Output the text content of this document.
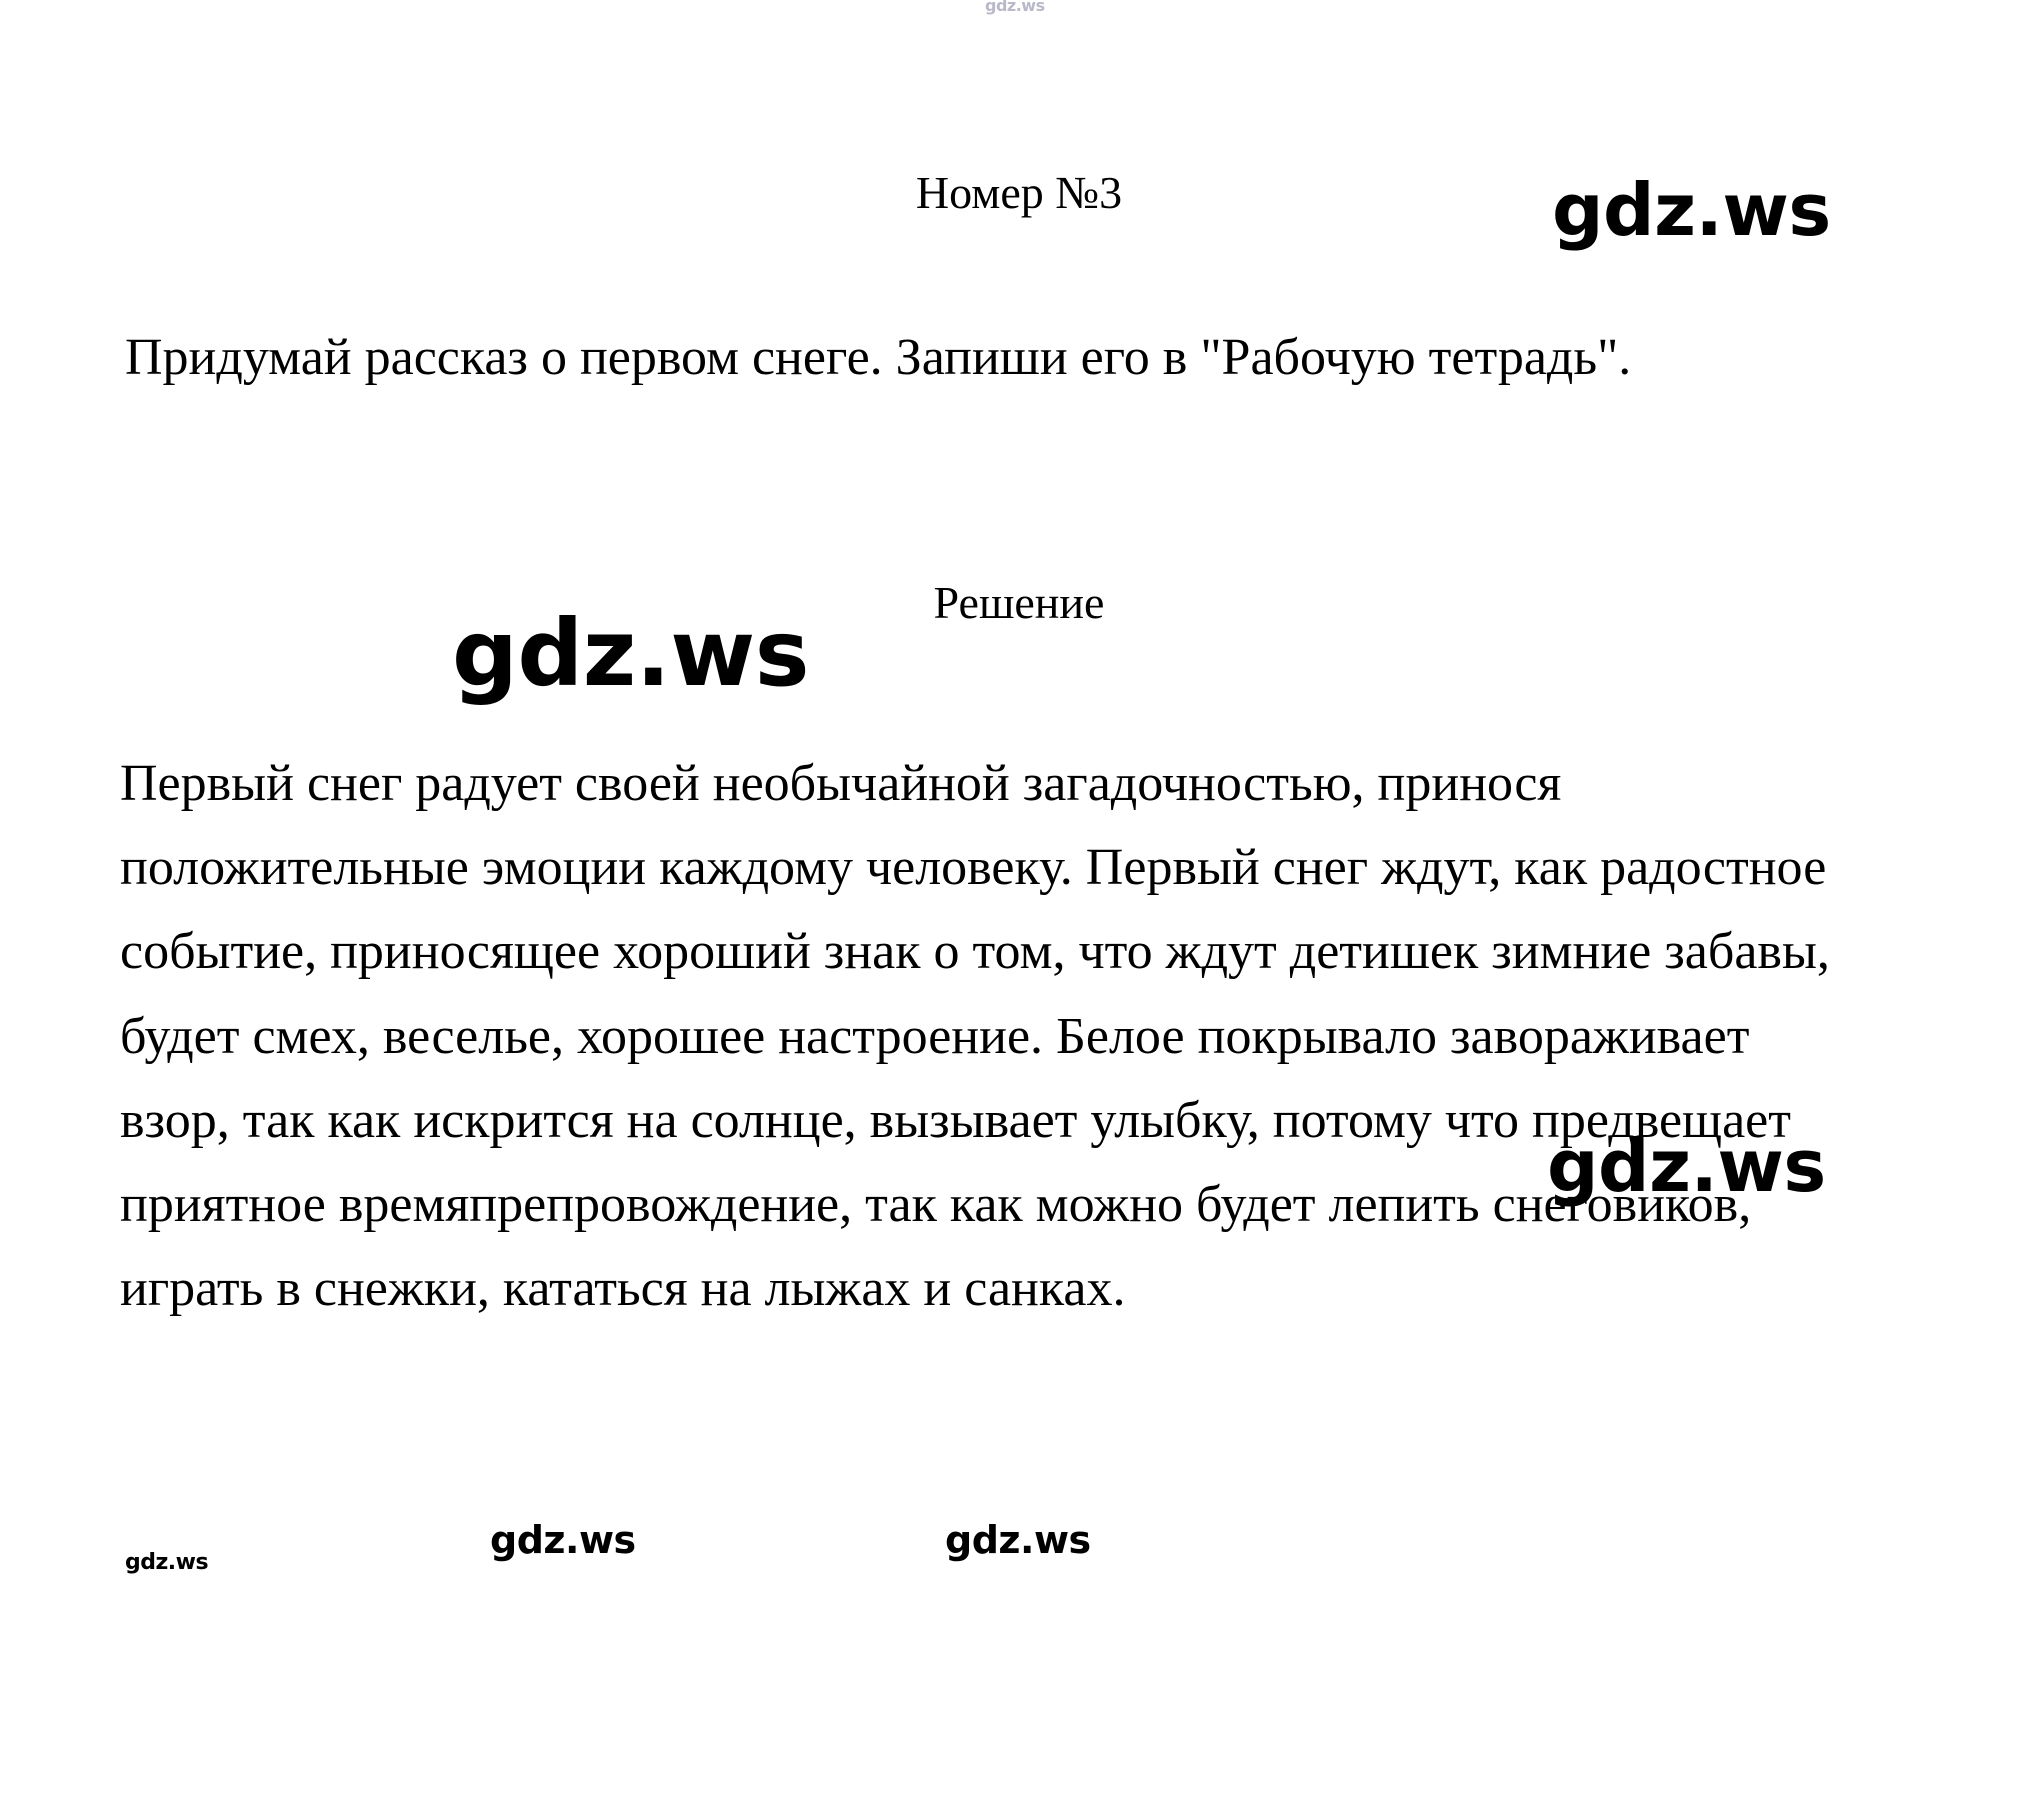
gdz.ws
Номер №3	gdz.ws
Придумай рассказ о первом снеге. Запиши его в "Рабочую тетрадь".
Решение
gdz.ws

Первый снег радует своей необычайной загадочностью, принося положительные эмоции каждому человеку. Первый снег ждут, как радостное событие, приносящее хороший знак о том, что ждут детишек зимние забавы, будет смех, веселье, хорошее настроение. Белое покрывало завораживает взор, так как искрится на солнце, вызывает улыбку, потому что предвещает приятное времяпрепровождение, так как можно будет лепить снеговиков, играть в снежки, кататься на лыжах и санках.

gdz.ws
gdz.ws
gdz.ws	gdz.ws
